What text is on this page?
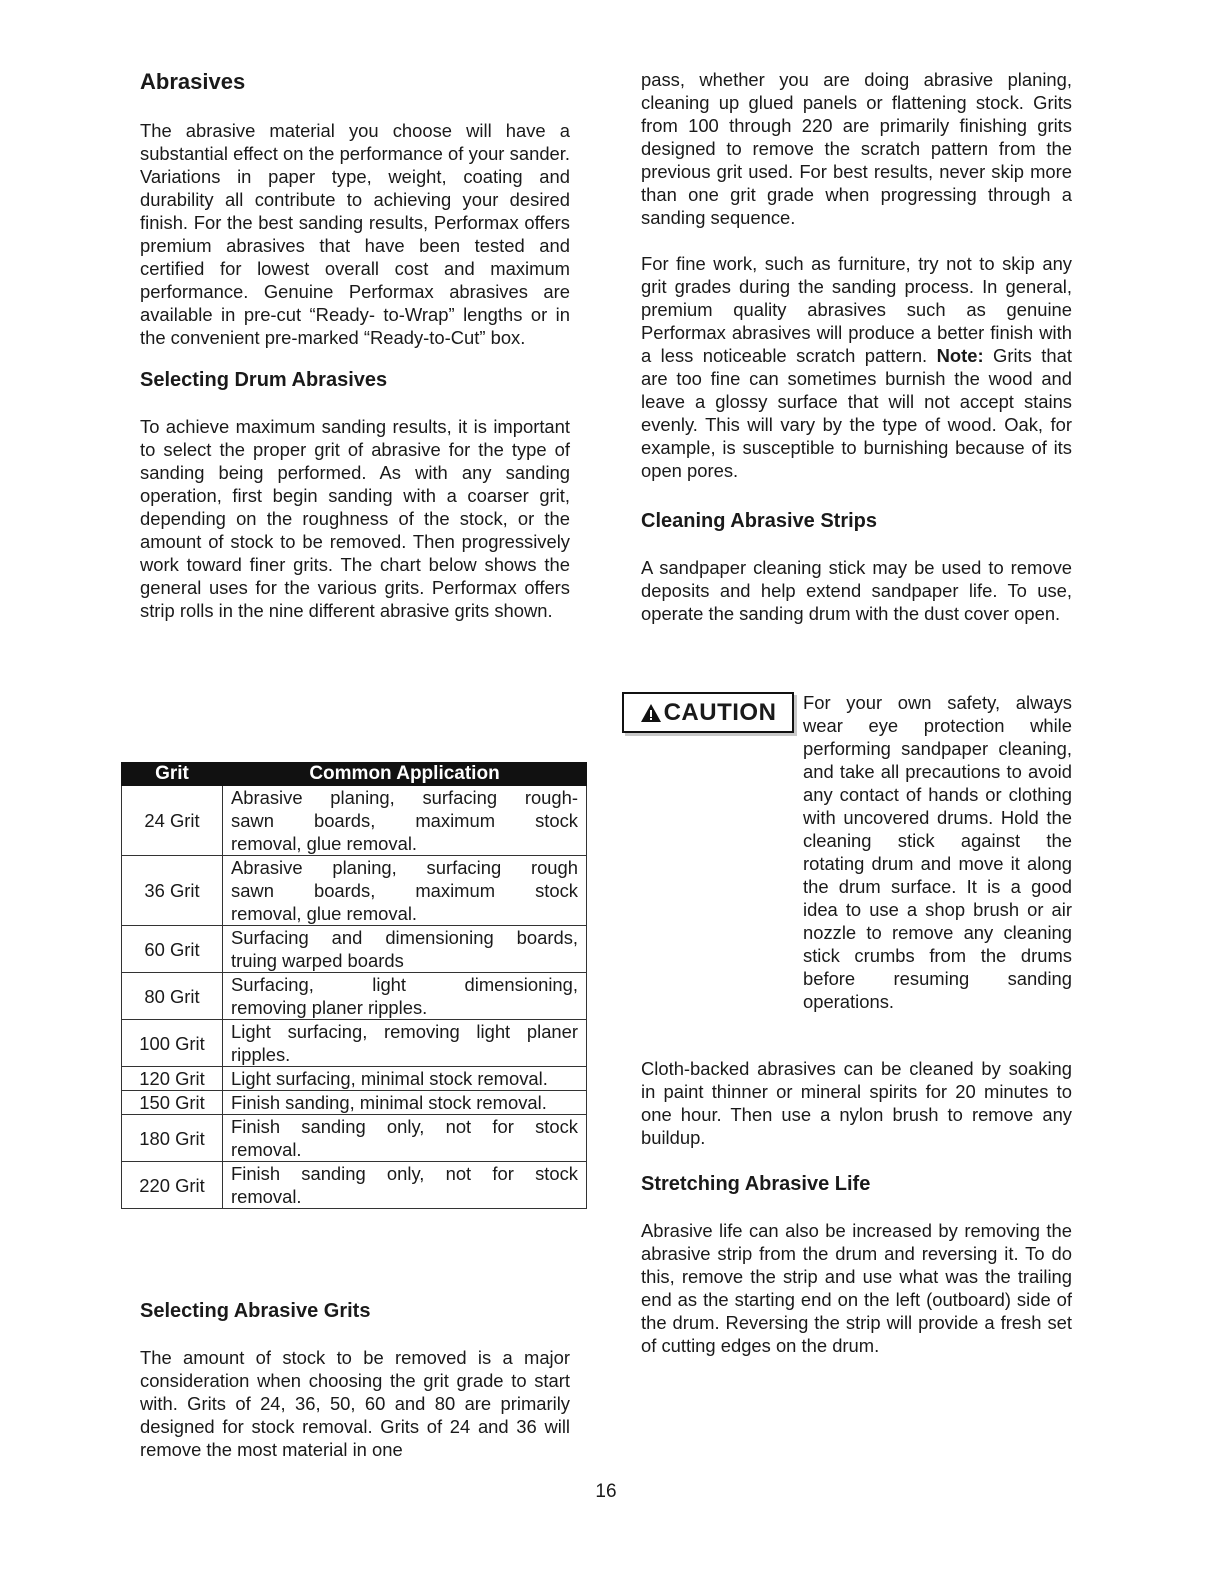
Abrasives

The abrasive material you choose will have a substantial effect on the performance of your sander. Variations in paper type, weight, coating and durability all contribute to achieving your desired finish. For the best sanding results, Performax offers premium abrasives that have been tested and certified for lowest overall cost and maximum performance. Genuine Performax abrasives are available in pre-cut “Ready- to-Wrap” lengths or in the convenient pre-marked “Ready-to-Cut” box.

Selecting Drum Abrasives

To achieve maximum sanding results, it is important to select the proper grit of abrasive for the type of sanding being performed. As with any sanding operation, first begin sanding with a coarser grit, depending on the roughness of the stock, or the amount of stock to be removed. Then progressively work toward finer grits. The chart below shows the general uses for the various grits. Performax offers strip rolls in the nine different abrasive grits shown.

Grit	Common Application
24 Grit	Abrasive planing, surfacing rough-
sawn boards, maximum stock
removal, glue removal.

36 Grit	Abrasive planing, surfacing rough
sawn boards, maximum stock
removal, glue removal.

60 Grit	Surfacing and dimensioning boards,
truing warped boards

80 Grit	Surfacing, light dimensioning,
removing planer ripples.

100 Grit	Light surfacing, removing light planer
ripples.

120 Grit	Light surfacing, minimal stock removal.

150 Grit	Finish sanding, minimal stock removal.

180 Grit	Finish sanding only, not for stock
removal.

220 Grit	Finish sanding only, not for stock
removal.
Selecting Abrasive Grits

The amount of stock to be removed is a major consideration when choosing the grit grade to start with. Grits of 24, 36, 50, 60 and 80 are primarily designed for stock removal. Grits of 24 and 36 will remove the most material in one

pass, whether you are doing abrasive planing, cleaning up glued panels or flattening stock. Grits from 100 through 220 are primarily finishing grits designed to remove the scratch pattern from the previous grit used. For best results, never skip more than one grit grade when progressing through a sanding sequence.

For fine work, such as furniture, try not to skip any grit grades during the sanding process. In general, premium quality abrasives such as genuine Performax abrasives will produce a better finish with a less noticeable scratch pattern. Note: Grits that are too fine can sometimes burnish the wood and leave a glossy surface that will not accept stains evenly. This will vary by the type of wood. Oak, for example, is susceptible to burnishing because of its open pores.

Cleaning Abrasive Strips

A sandpaper cleaning stick may be used to remove deposits and help extend sandpaper life. To use, operate the sanding drum with the dust cover open.

CAUTION For your own safety, always wear eye protection while performing sandpaper cleaning, and take all precautions to avoid any contact of hands or clothing with uncovered drums. Hold the cleaning stick against the rotating drum and move it along the drum surface. It is a good idea to use a shop brush or air nozzle to remove any cleaning stick crumbs from the drums before resuming sanding operations.

Cloth-backed abrasives can be cleaned by soaking in paint thinner or mineral spirits for 20 minutes to one hour. Then use a nylon brush to remove any buildup.

Stretching Abrasive Life

Abrasive life can also be increased by removing the abrasive strip from the drum and reversing it. To do this, remove the strip and use what was the trailing end as the starting end on the left (outboard) side of the drum. Reversing the strip will provide a fresh set of cutting edges on the drum.

16
